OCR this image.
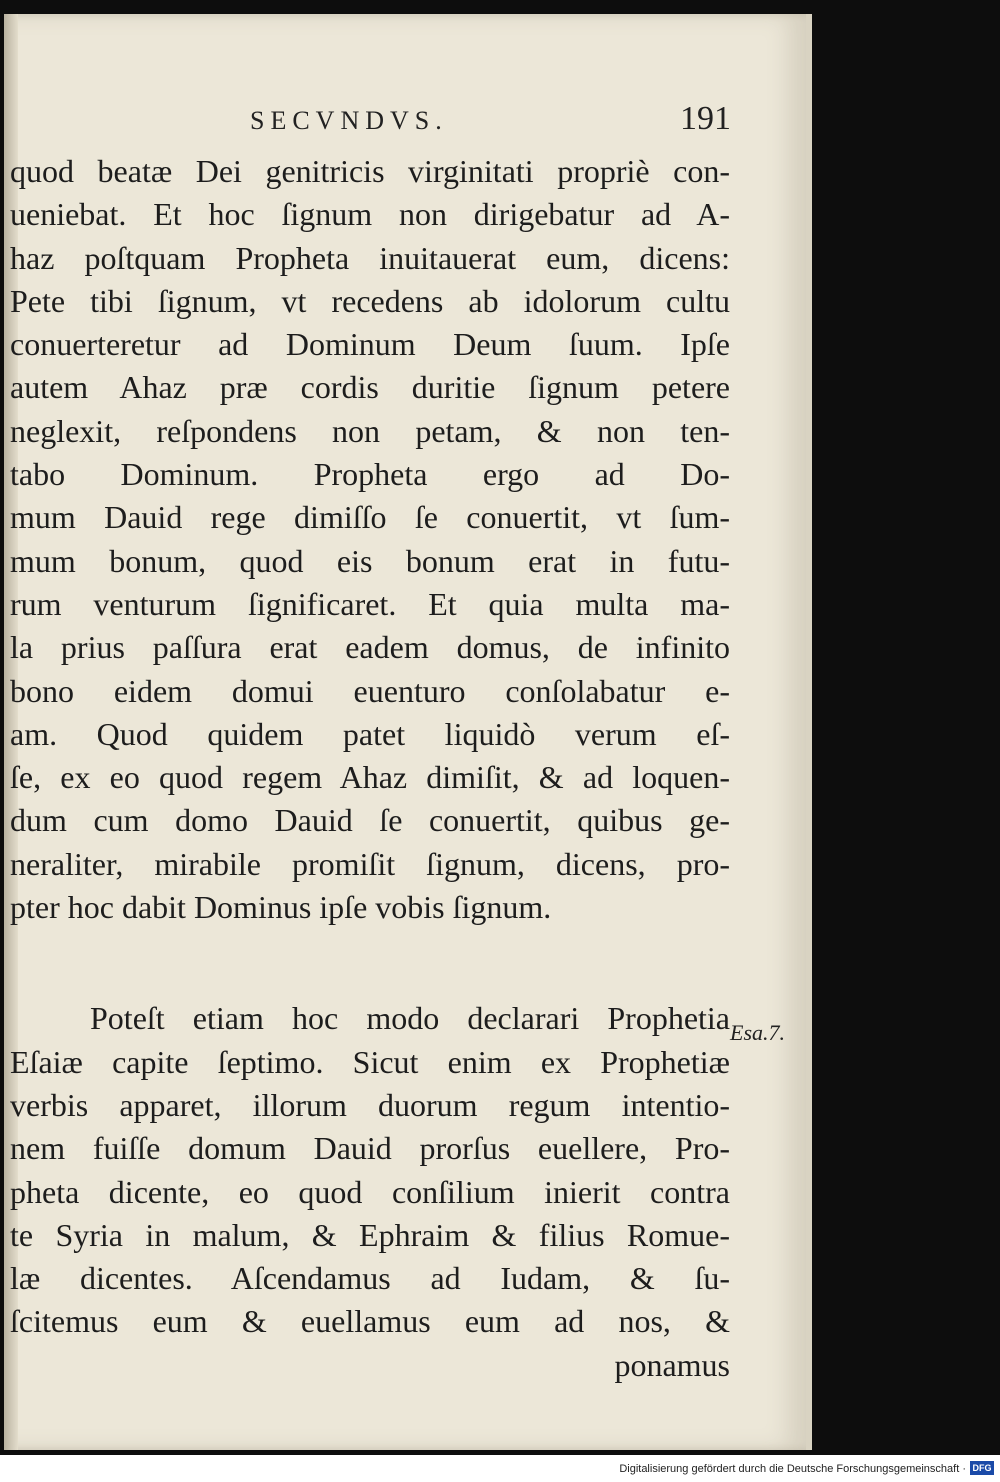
SECVNDVS.	191
quod beatæ Dei genitricis virginitati propriè con-
ueniebat. Et hoc ſignum non dirigebatur ad A-
haz poſtquam Propheta inuitauerat eum, dicens:
Pete tibi ſignum, vt recedens ab idolorum cultu
conuerteretur ad Dominum Deum ſuum. Ipſe
autem Ahaz præ cordis duritie ſignum petere
neglexit, reſpondens non petam, & non ten-
tabo Dominum. Propheta ergo ad Do-
mum Dauid rege dimiſſo ſe conuertit, vt ſum-
mum bonum, quod eis bonum erat in futu-
rum venturum ſignificaret. Et quia multa ma-
la prius paſſura erat eadem domus, de infinito
bono eidem domui euenturo conſolabatur e-
am. Quod quidem patet liquidò verum eſ-
ſe, ex eo quod regem Ahaz dimiſit, & ad loquen-
dum cum domo Dauid ſe conuertit, quibus ge-
neraliter, mirabile promiſit ſignum, dicens, pro-
pter hoc dabit Dominus ipſe vobis ſignum.
Poteſt etiam hoc modo declarari Prophetia
Eſaiæ capite ſeptimo. Sicut enim ex Prophetiæ
verbis apparet, illorum duorum regum intentio-
nem fuiſſe domum Dauid prorſus euellere, Pro-
pheta dicente, eo quod conſilium inierit contra
te Syria in malum, & Ephraim & filius Romue-
læ dicentes. Aſcendamus ad Iudam, & ſu-
ſcitemus eum & euellamus eum ad nos, &
ponamus
Esa.7.
Digitalisierung gefördert durch die Deutsche Forschungsgemeinschaft · DFG
